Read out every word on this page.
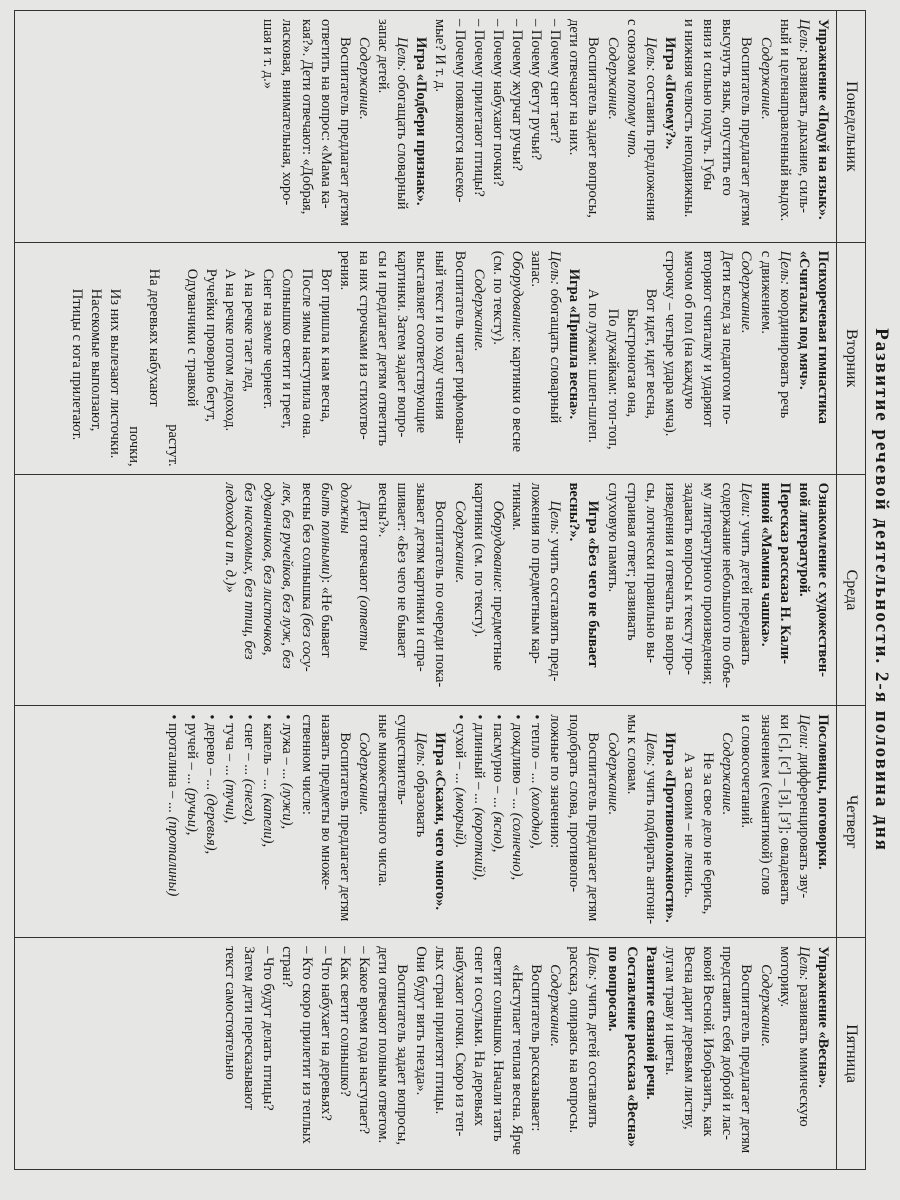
Развитие речевой деятельности. 2-я половина дня
Понедельник

Упражнение «Подуй на язык».

Цель: развивать дыхание, силь-

ный и целенаправленный выдох.

Содержание.

Воспитатель предлагает детям

высунуть язык, опустить его

вниз и сильно подуть. Губы

и нижняя челюсть неподвижны.

Игра «Почему?».

Цель: составить предложения

с союзом потому что.

Содержание.

Воспитатель задает вопросы,

дети отвечают на них.

– Почему снег тает?

– Почему бегут ручьи?

– Почему журчат ручьи?

– Почему набухают почки?

– Почему прилетают птицы?

– Почему появляются насеко-

мые? И т. д.

Игра «Подбери признак».

Цель: обогащать словарный

запас детей.

Содержание.

Воспитатель предлагает детям

ответить на вопрос: «Мама ка-

кая?». Дети отвечают: «Добрая,

ласковая, внимательная, хоро-

шая и т. д.»

Вторник

Психоречевая гимнастика

«Считалка под мяч».

Цель: координировать речь

с движением.

Содержание.

Дети вслед за педагогом по-

вторяют считалку и ударяют

мячом об пол (на каждую

строчку – четыре удара мяча).

Вот идет, идет весна,

Быстроногая она,

По дужайкам: топ-топ,

А по лужам: шлеп-шлеп.

Игра «Пришла весна».

Цель: обогащать словарный

запас.

Оборудование: картинки о весне

(см. по тексту).

Содержание.

Воспитатель читает рифмован-

ный текст и по ходу чтения

выставляет соответствующие

картинки. Затем задает вопро-

сы и предлагает детям ответить

на них строчками из стихотво-

рения.

Вот пришла к нам весна,

После зимы наступила она.

Солнышко светит и греет,

Снег на земле чернеет.

А на речке тает лед,

А на речке потом ледоход.

Ручейки проворно бегут,

Одуванчики с травкой

растут.

На деревьях набухают

почки,

Из них вылезают листочки.

Насекомые выползают,

Птицы с юга прилетают.

Среда

Ознакомление с художествен-

ной литературой.

Пересказ рассказа Н. Кали-

ниной «Мамина чашка».

Цели: учить детей передавать

содержание небольшого по объе-

му литературного произведения;

задавать вопросы к тексту про-

изведения и отвечать на вопро-

сы, логически правильно вы-

страивая ответ; развивать

слуховую память.

Игра «Без чего не бывает

весны?».

Цель: учить составлять пред-

ложения по предметным кар-

тинкам.

Оборудование: предметные

картинки (см. по тексту).

Содержание.

Воспитатель по очереди пока-

зывает детям картинки и спра-

шивает: «Без чего не бывает

весны?».

Дети отвечают (ответы должны

быть полными): «Не бывает

весны без солнышка (без сосу-

лек, без ручейков, без луж, без

одуванчиков, без листочков,

без насекомых, без птиц, без

ледохода и т. д.)»

Четверг

Пословицы, поговорки.

Цели: дифференцировать зву-

ки [с], [с'] – [з], [з']; овладевать

значением (семантикой) слов

и словосочетаний.

Содержание.

Не за свое дело не берись,

А за своим – не ленись.

Игра «Противоположности».

Цель: учить подбирать антони-

мы к словам.

Содержание.

Воспитатель предлагает детям

подобрать слова, противопо-

ложные по значению:

• тепло – ... (холодно),

• дождливо – ... (солнечно),

• пасмурно – ... (ясно),

• длинный – ... (короткий),

• сухой – ... (мокрый).

Игра «Скажи, чего много».

Цель: образовать существитель-

ные множественного числа.

Содержание.

Воспитатель предлагает детям

назвать предметы во множе-

ственном числе:

• лужа – ... (лужи),

• капель – ... (капели),

• снег – ... (снега),

• туча – ... (тучи),

• дерево – ... (деревья),

• ручей – ... (ручьи),

• проталина – ... (проталины)

Пятница

Упражнение «Весна».

Цель: развивать мимическую

моторику.

Содержание.

Воспитатель предлагает детям

представить себя доброй и лас-

ковой Весной. Изобразить, как

Весна дарит деревьям листву,

лугам траву и цветы.

Развитие связной речи.

Составление рассказа «Весна»

по вопросам.

Цель: учить детей составлять

рассказ, опираясь на вопросы.

Содержание.

Воспитатель рассказывает:

«Наступает теплая весна. Ярче

светит солнышко. Начали таять

снег и сосульки. На деревьях

набухают почки. Скоро из теп-

лых стран прилетят птицы.

Они будут вить гнезда».

Воспитатель задает вопросы,

дети отвечают полным ответом.

– Какое время года наступает?

– Как светит солнышко?

– Что набухает на деревьях?

– Кто скоро прилетит из теплых

стран?

– Что будут делать птицы?

Затем дети пересказывают

текст самостоятельно
